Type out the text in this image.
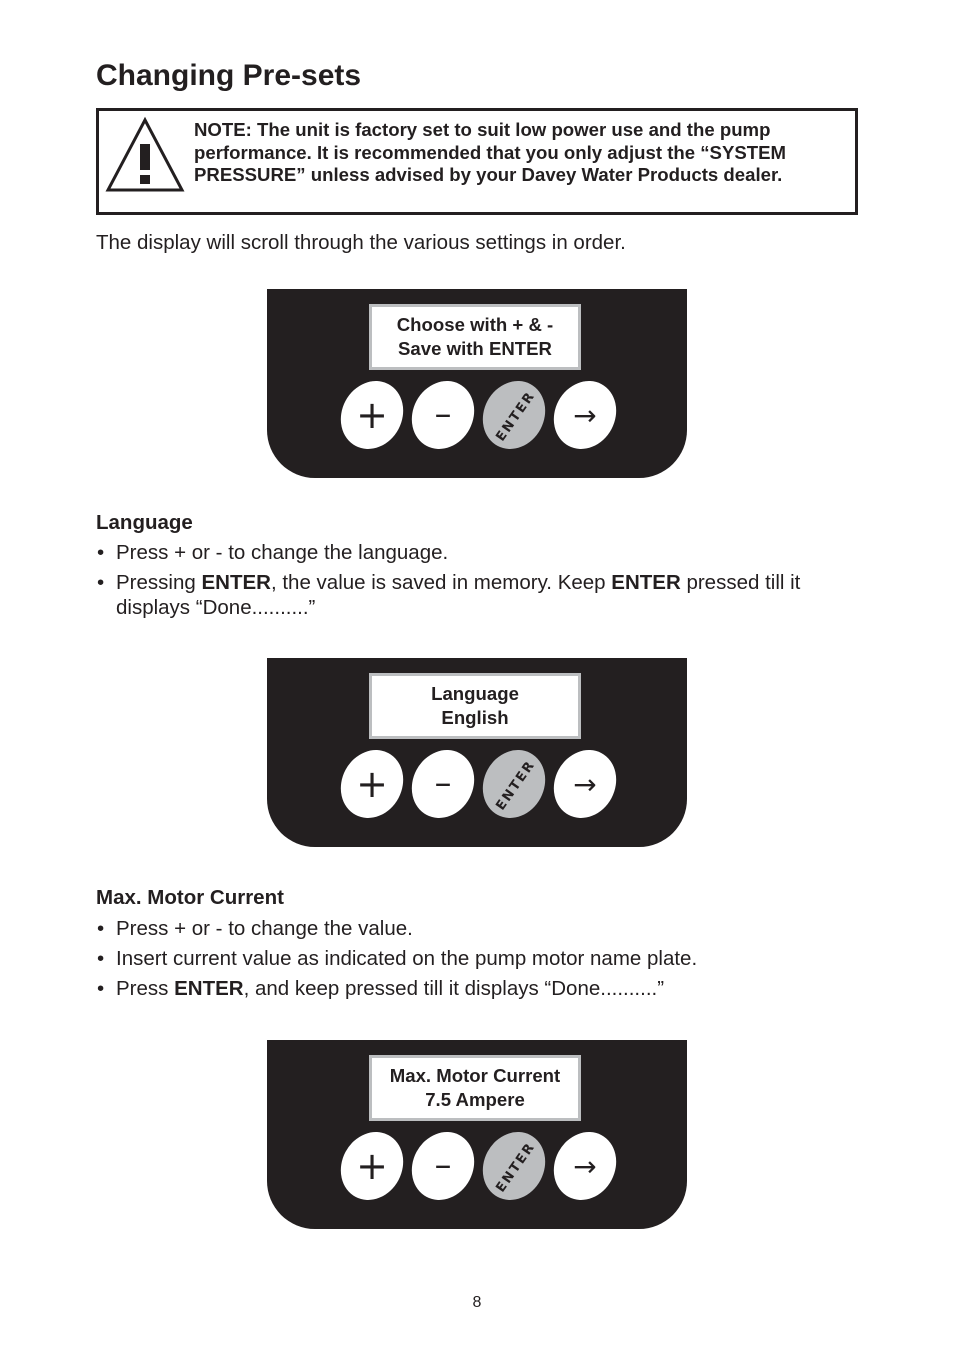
Changing Pre-sets
NOTE: The unit is factory set to suit low power use and the pump performance. It is recommended that you only adjust the “SYSTEM PRESSURE” unless advised by your Davey Water Products dealer.

The display will scroll through the various settings in order.

Choose with + & -
Save with ENTER
+ –	ENTER →
Language
• Press + or - to change the language.
• Pressing ENTER, the value is saved in memory. Keep ENTER pressed till it displays “Done..........”
Language
English
+ –	ENTER →
Max. Motor Current
• Press + or - to change the value.
• Insert current value as indicated on the pump motor name plate.
• Press ENTER, and keep pressed till it displays “Done..........”
Max. Motor Current
7.5 Ampere
+ –	ENTER →

8
